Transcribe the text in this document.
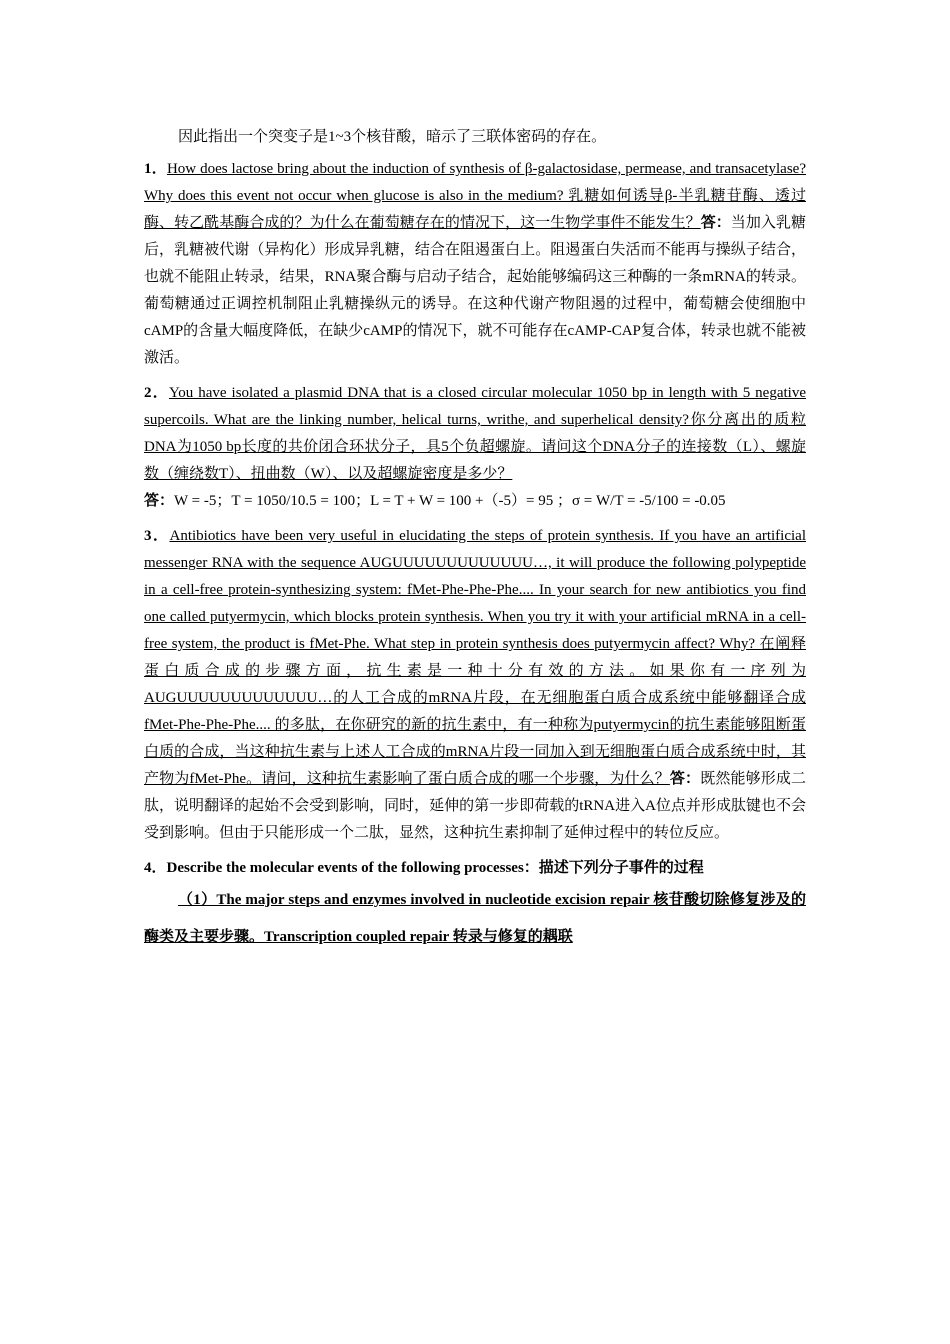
因此指出一个突变子是1~3个核苷酸，暗示了三联体密码的存在。

1．How does lactose bring about the induction of synthesis of β-galactosidase, permease, and transacetylase? Why does this event not occur when glucose is also in the medium? 乳糖如何诱导β-半乳糖苷酶、透过酶、转乙酰基酶合成的？为什么在葡萄糖存在的情况下，这一生物学事件不能发生？答：当加入乳糖后，乳糖被代谢（异构化）形成异乳糖，结合在阻遏蛋白上。阻遏蛋白失活而不能再与操纵子结合，也就不能阻止转录，结果，RNA聚合酶与启动子结合，起始能够编码这三种酶的一条mRNA的转录。葡萄糖通过正调控机制阻止乳糖操纵元的诱导。在这种代谢产物阻遏的过程中，葡萄糖会使细胞中cAMP的含量大幅度降低，在缺少cAMP的情况下，就不可能存在cAMP-CAP复合体，转录也就不能被激活。

2．You have isolated a plasmid DNA that is a closed circular molecular 1050 bp in length with 5 negative supercoils. What are the linking number, helical turns, writhe, and superhelical density?你分离出的质粒DNA为1050 bp长度的共价闭合环状分子，具5个负超螺旋。请问这个DNA分子的连接数（L）、螺旋数（缠绕数T）、扭曲数（W）、以及超螺旋密度是多少？
答：W = -5；T = 1050/10.5 = 100；L = T + W = 100 +（-5）= 95 ；σ = W/T = -5/100 = -0.05

3．Antibiotics have been very useful in elucidating the steps of protein synthesis. If you have an artificial messenger RNA with the sequence AUGUUUUUUUUUUUUU…, it will produce the following polypeptide in a cell-free protein-synthesizing system: fMet-Phe-Phe-Phe.... In your search for new antibiotics you find one called putyermycin, which blocks protein synthesis. When you try it with your artificial mRNA in a cell-free system, the product is fMet-Phe. What step in protein synthesis does putyermycin affect? Why? 在阐释蛋白质合成的步骤方面，抗生素是一种十分有效的方法。如果你有一序列为AUGUUUUUUUUUUUUU…的人工合成的mRNA片段，在无细胞蛋白质合成系统中能够翻译合成fMet-Phe-Phe-Phe.... 的多肽，在你研究的新的抗生素中，有一种称为putyermycin的抗生素能够阻断蛋白质的合成，当这种抗生素与上述人工合成的mRNA片段一同加入到无细胞蛋白质合成系统中时，其产物为fMet-Phe。请问，这种抗生素影响了蛋白质合成的哪一个步骤，为什么？答：既然能够形成二肽，说明翻译的起始不会受到影响，同时，延伸的第一步即荷载的tRNA进入A位点并形成肽键也不会受到影响。但由于只能形成一个二肽，显然，这种抗生素抑制了延伸过程中的转位反应。

4．Describe the molecular events of the following processes：描述下列分子事件的过程

（1）The major steps and enzymes involved in nucleotide excision repair 核苷酸切除修复涉及的酶类及主要步骤。Transcription coupled repair 转录与修复的耦联
